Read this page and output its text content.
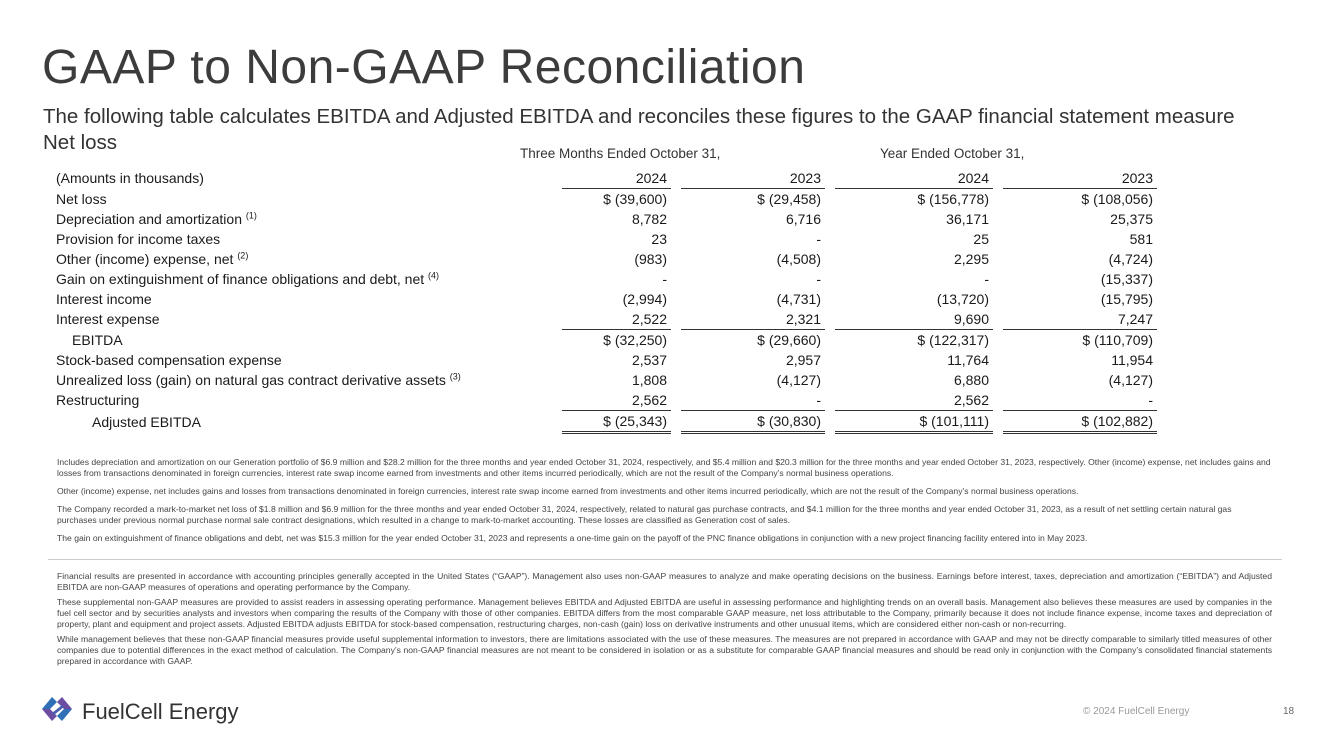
GAAP to Non-GAAP Reconciliation
The following table calculates EBITDA and Adjusted EBITDA and reconciles these figures to the GAAP financial statement measure Net loss	Three Months Ended October 31,	Year Ended October 31,
(Amounts in thousands)	2024		2023		2024		2023
Net loss	$ (39,600)		$ (29,458)		$ (156,778)		$ (108,056)
Depreciation and amortization $^{(1)}$	8,782		6,716		36,171		25,375
Provision for income taxes	23		-		25		581
Other (income) expense, net $^{(2)}$	(983)		(4,508)		2,295		(4,724)
Gain on extinguishment of finance obligations and debt, net $^{(4)}$	-		-		-		(15,337)
Interest income	(2,994)		(4,731)		(13,720)		(15,795)
Interest expense	2,522		2,321		9,690		7,247
EBITDA	$ (32,250)		$ (29,660)		$ (122,317)		$ (110,709)
Stock-based compensation expense	2,537		2,957		11,764		11,954
Unrealized loss (gain) on natural gas contract derivative assets $^{(3)}$	1,808		(4,127)		6,880		(4,127)
Restructuring	2,562		-		2,562		-
Adjusted EBITDA	$ (25,343)		$ (30,830)		$ (101,111)		$ (102,882)

Includes depreciation and amortization on our Generation portfolio of $6.9 million and $28.2 million for the three months and year ended October 31, 2024, respectively, and $5.4 million and $20.3 million for the three months and year ended October 31, 2023, respectively. Other (income) expense, net includes gains and losses from transactions denominated in foreign currencies, interest rate swap income earned from investments and other items incurred periodically, which are not the result of the Company’s normal business operations.

Other (income) expense, net includes gains and losses from transactions denominated in foreign currencies, interest rate swap income earned from investments and other items incurred periodically, which are not the result of the Company’s normal business operations.

The Company recorded a mark-to-market net loss of $1.8 million and $6.9 million for the three months and year ended October 31, 2024, respectively, related to natural gas purchase contracts, and $4.1 million for the three months and year ended October 31, 2023, as a result of net settling certain natural gas purchases under previous normal purchase normal sale contract designations, which resulted in a change to mark-to-market accounting. These losses are classified as Generation cost of sales.

The gain on extinguishment of finance obligations and debt, net was $15.3 million for the year ended October 31, 2023 and represents a one-time gain on the payoff of the PNC finance obligations in conjunction with a new project financing facility entered into in May 2023.

Financial results are presented in accordance with accounting principles generally accepted in the United States (“GAAP”). Management also uses non-GAAP measures to analyze and make operating decisions on the business. Earnings before interest, taxes, depreciation and amortization (“EBITDA”) and Adjusted EBITDA are non-GAAP measures of operations and operating performance by the Company.

These supplemental non-GAAP measures are provided to assist readers in assessing operating performance. Management believes EBITDA and Adjusted EBITDA are useful in assessing performance and highlighting trends on an overall basis. Management also believes these measures are used by companies in the fuel cell sector and by securities analysts and investors when comparing the results of the Company with those of other companies. EBITDA differs from the most comparable GAAP measure, net loss attributable to the Company, primarily because it does not include finance expense, income taxes and depreciation of property, plant and equipment and project assets. Adjusted EBITDA adjusts EBITDA for stock-based compensation, restructuring charges, non-cash (gain) loss on derivative instruments and other unusual items, which are considered either non-cash or non-recurring.

While management believes that these non-GAAP financial measures provide useful supplemental information to investors, there are limitations associated with the use of these measures. The measures are not prepared in accordance with GAAP and may not be directly comparable to similarly titled measures of other companies due to potential differences in the exact method of calculation. The Company’s non-GAAP financial measures are not meant to be considered in isolation or as a substitute for comparable GAAP financial measures and should be read only in conjunction with the Company’s consolidated financial statements prepared in accordance with GAAP.

FuelCell Energy	© 2024 FuelCell Energy	18
